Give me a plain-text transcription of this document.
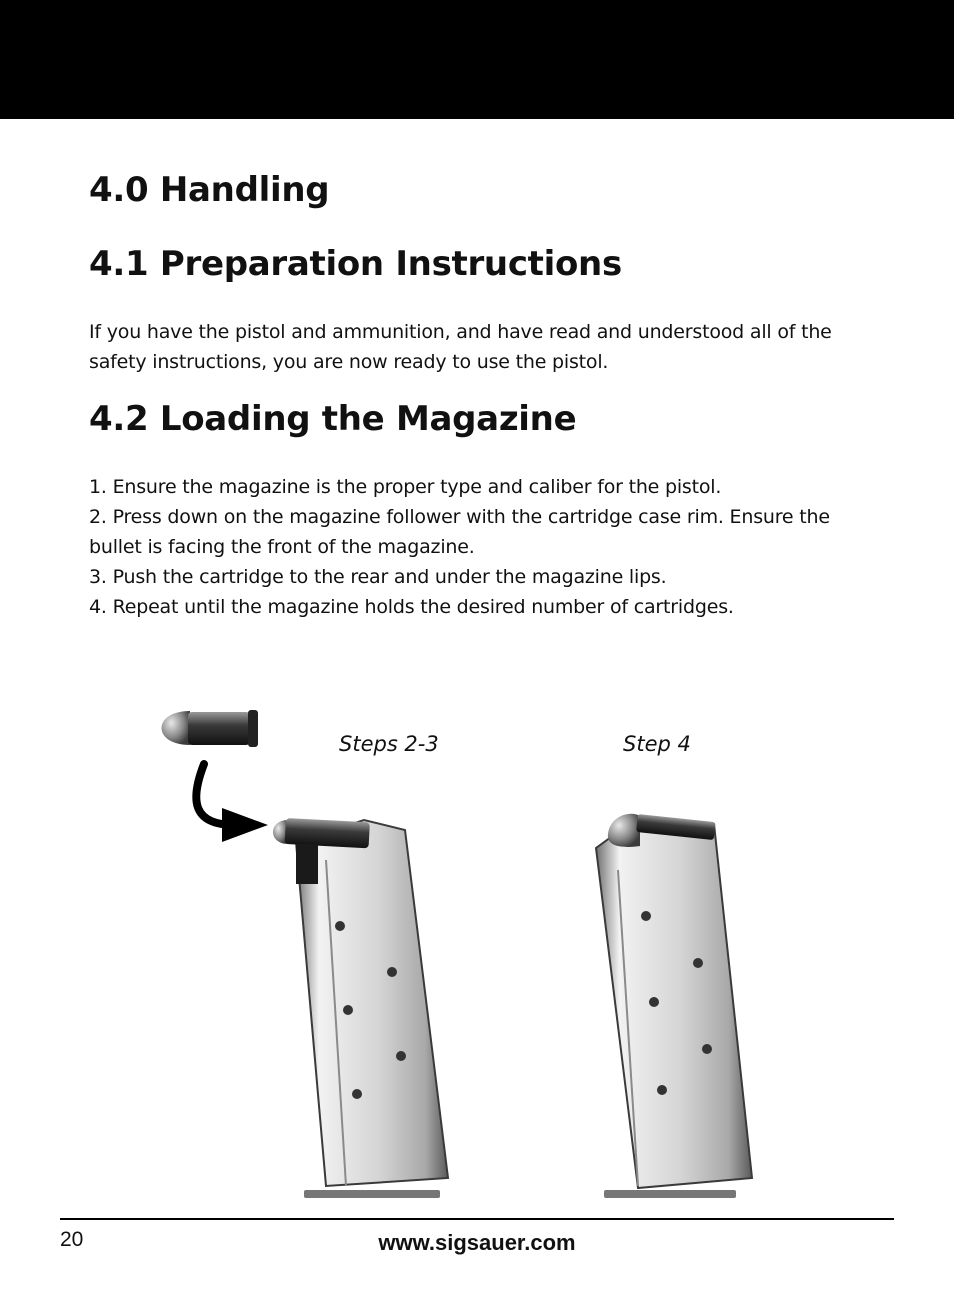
4.0 Handling
4.1 Preparation Instructions

If you have the pistol and ammunition, and have read and understood all of the safety instructions, you are now ready to use the pistol.

4.2 Loading the Magazine
1. Ensure the magazine is the proper type and caliber for the pistol.
2. Press down on the magazine follower with the cartridge case rim. Ensure the bullet is facing the front of the magazine.
3. Push the cartridge to the rear and under the magazine lips.
4. Repeat until the magazine holds the desired number of cartridges.
Steps 2-3	Step 4
20	www.sigsauer.com
